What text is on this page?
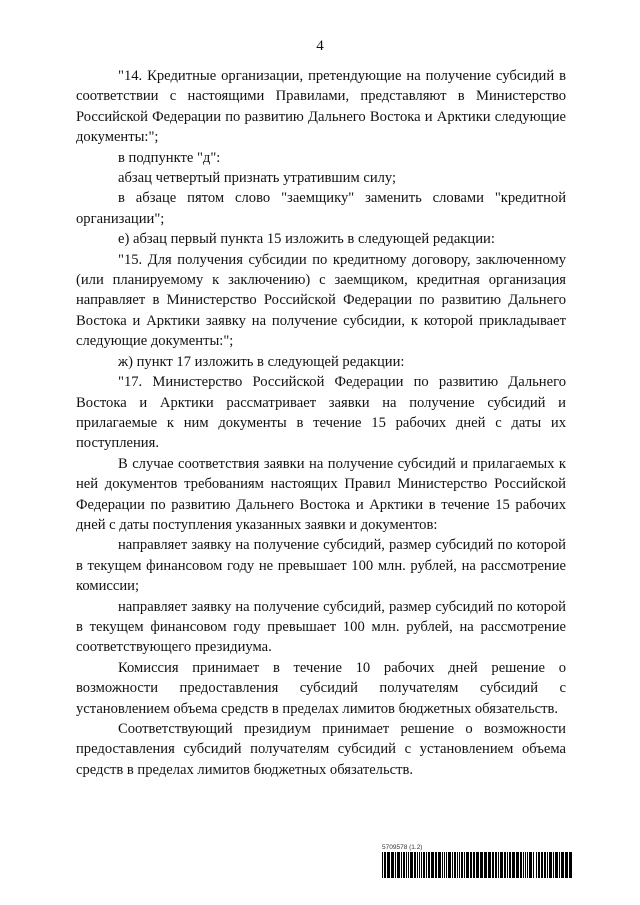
4

"14. Кредитные организации, претендующие на получение субсидий в соответствии с настоящими Правилами, представляют в Министерство Российской Федерации по развитию Дальнего Востока и Арктики следующие документы:";

в подпункте "д":

абзац четвертый признать утратившим силу;

в абзаце пятом слово "заемщику" заменить словами "кредитной организации";

е) абзац первый пункта 15 изложить в следующей редакции:

"15. Для получения субсидии по кредитному договору, заключенному (или планируемому к заключению) с заемщиком, кредитная организация направляет в Министерство Российской Федерации по развитию Дальнего Востока и Арктики заявку на получение субсидии, к которой прикладывает следующие документы:";

ж) пункт 17 изложить в следующей редакции:

"17. Министерство Российской Федерации по развитию Дальнего Востока и Арктики рассматривает заявки на получение субсидий и прилагаемые к ним документы в течение 15 рабочих дней с даты их поступления.

В случае соответствия заявки на получение субсидий и прилагаемых к ней документов требованиям настоящих Правил Министерство Российской Федерации по развитию Дальнего Востока и Арктики в течение 15 рабочих дней с даты поступления указанных заявки и документов:

направляет заявку на получение субсидий, размер субсидий по которой в текущем финансовом году не превышает 100 млн. рублей, на рассмотрение комиссии;

направляет заявку на получение субсидий, размер субсидий по которой в текущем финансовом году превышает 100 млн. рублей, на рассмотрение соответствующего президиума.

Комиссия принимает в течение 10 рабочих дней решение о возможности предоставления субсидий получателям субсидий с установлением объема средств в пределах лимитов бюджетных обязательств.

Соответствующий президиум принимает решение о возможности предоставления субсидий получателям субсидий с установлением объема средств в пределах лимитов бюджетных обязательств.

5709578 (1.2)
